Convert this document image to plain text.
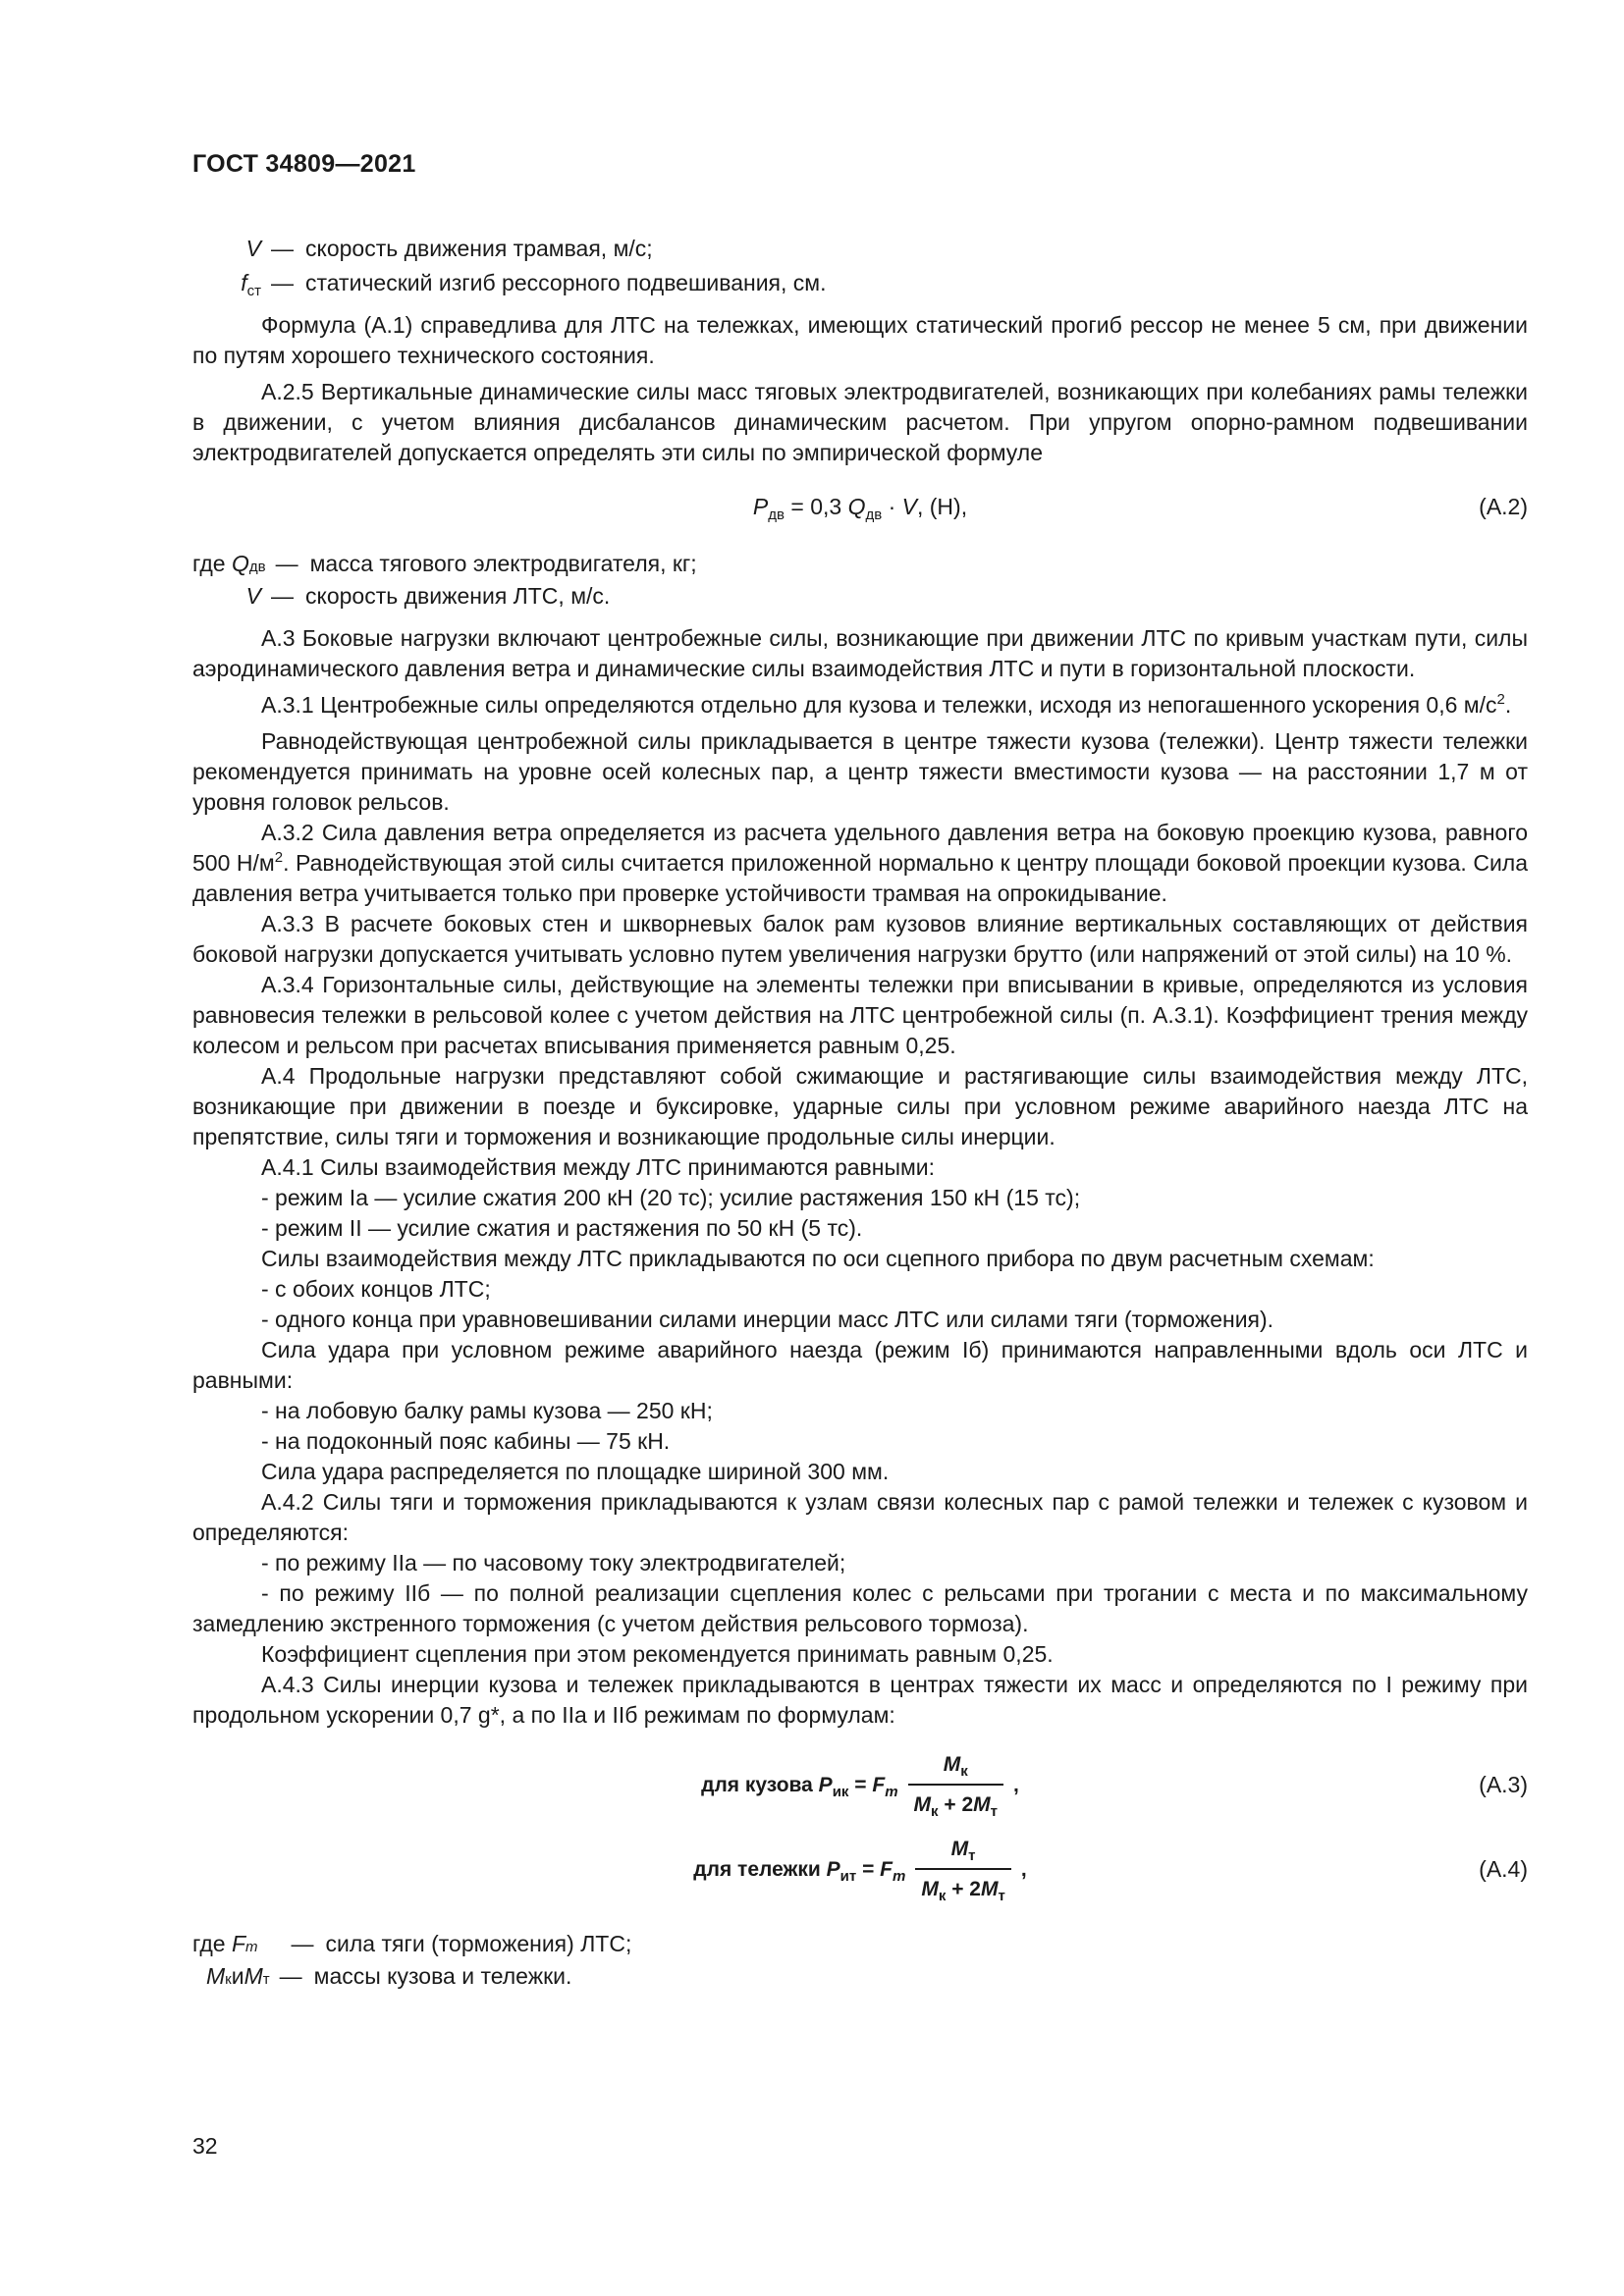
ГОСТ 34809—2021
V — скорость движения трамвая, м/с;
$f_{ст}$ — статический изгиб рессорного подвешивания, см.

Формула (А.1) справедлива для ЛТС на тележках, имеющих статический прогиб рессор не менее 5 см, при движении по путям хорошего технического состояния.

А.2.5 Вертикальные динамические силы масс тяговых электродвигателей, возникающих при колебаниях рамы тележки в движении, с учетом влияния дисбалансов динамическим расчетом. При упругом опорно-рамном подвешивании электродвигателей допускается определять эти силы по эмпирической формуле

$P_{дв} = 0,3$ $Q_{дв} \cdot V$, (Н),	(А.2)
где
Q дв — масса тягового электродвигателя, кг;
V — скорость движения ЛТС, м/с.

А.3 Боковые нагрузки включают центробежные силы, возникающие при движении ЛТС по кривым участкам пути, силы аэродинамического давления ветра и динамические силы взаимодействия ЛТС и пути в горизонтальной плоскости.

А.3.1 Центробежные силы определяются отдельно для кузова и тележки, исходя из непогашенного ускорения 0,6 $м/с^2$.

Равнодействующая центробежной силы прикладывается в центре тяжести кузова (тележки). Центр тяжести тележки рекомендуется принимать на уровне осей колесных пар, а центр тяжести вместимости кузова — на расстоянии 1,7 м от уровня головок рельсов.

А.3.2 Сила давления ветра определяется из расчета удельного давления ветра на боковую проекцию кузова, равного 500 $Н/м^2$. Равнодействующая этой силы считается приложенной нормально к центру площади боковой проекции кузова. Сила давления ветра учитывается только при проверке устойчивости трамвая на опрокидывание.

А.3.3 В расчете боковых стен и шкворневых балок рам кузовов влияние вертикальных составляющих от действия боковой нагрузки допускается учитывать условно путем увеличения нагрузки брутто (или напряжений от этой силы) на 10 %.

А.3.4 Горизонтальные силы, действующие на элементы тележки при вписывании в кривые, определяются из условия равновесия тележки в рельсовой колее с учетом действия на ЛТС центробежной силы (п. А.3.1). Коэффициент трения между колесом и рельсом при расчетах вписывания применяется равным 0,25.

А.4 Продольные нагрузки представляют собой сжимающие и растягивающие силы взаимодействия между ЛТС, возникающие при движении в поезде и буксировке, ударные силы при условном режиме аварийного наезда ЛТС на препятствие, силы тяги и торможения и возникающие продольные силы инерции.

А.4.1 Силы взаимодействия между ЛТС принимаются равными:

- режим Iа — усилие сжатия 200 кН (20 тс); усилие растяжения 150 кН (15 тс);

- режим II — усилие сжатия и растяжения по 50 кН (5 тс).

Силы взаимодействия между ЛТС прикладываются по оси сцепного прибора по двум расчетным схемам:

- с обоих концов ЛТС;

- одного конца при уравновешивании силами инерции масс ЛТС или силами тяги (торможения).

Сила удара при условном режиме аварийного наезда (режим Iб) принимаются направленными вдоль оси ЛТС и равными:

- на лобовую балку рамы кузова — 250 кН;

- на подоконный пояс кабины — 75 кН.

Сила удара распределяется по площадке шириной 300 мм.

А.4.2 Силы тяги и торможения прикладываются к узлам связи колесных пар с рамой тележки и тележек с кузовом и определяются:

- по режиму IIа — по часовому току электродвигателей;

- по режиму IIб — по полной реализации сцепления колес с рельсами при трогании с места и по максимальному замедлению экстренного торможения (с учетом действия рельсового тормоза).

Коэффициент сцепления при этом рекомендуется принимать равным 0,25.

А.4.3 Силы инерции кузова и тележек прикладываются в центрах тяжести их масс и определяются по I режиму при продольном ускорении 0,7 g*, а по IIа и IIб режимам по формулам:

для кузова $P_{ик} = F_m \frac{M_к}{M_к + 2M_т}$ ,	(А.3)
для тележки $P_{ит} = F_m \frac{M_т}{M_к + 2M_т}$ ,	(А.4)
где
F m	— сила тяги (торможения) ЛТС;
M к и M т — массы кузова и тележки.
32
